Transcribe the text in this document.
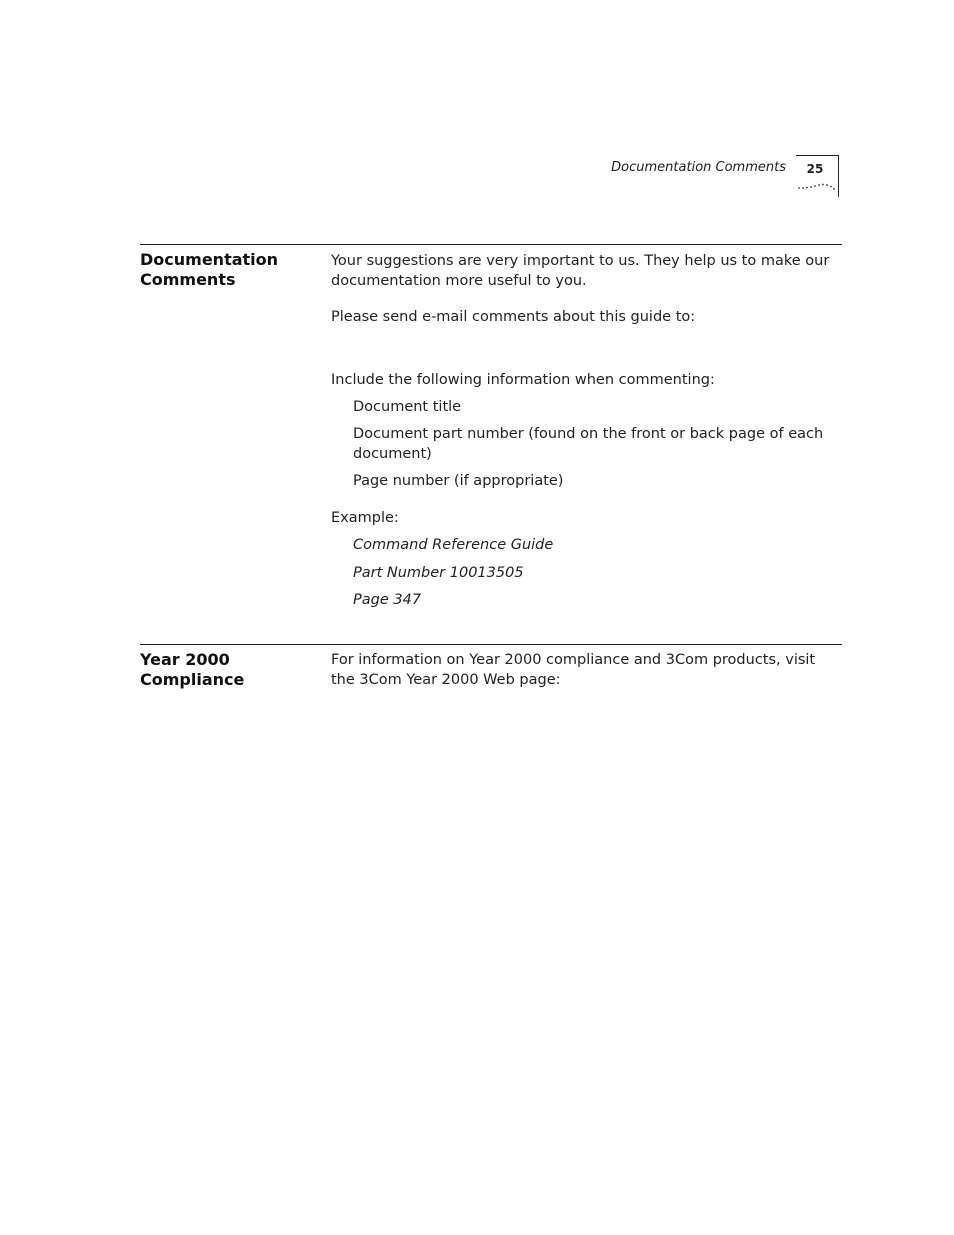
Documentation Comments	25
Documentation
Comments

Your suggestions are very important to us. They help us to make our documentation more useful to you.

Please send e-mail comments about this guide to:

Include the following information when commenting:

Document title

Document part number (found on the front or back page of each document)

Page number (if appropriate)

Example:

Command Reference Guide

Part Number 10013505

Page 347

Year 2000
Compliance

For information on Year 2000 compliance and 3Com products, visit the 3Com Year 2000 Web page:
